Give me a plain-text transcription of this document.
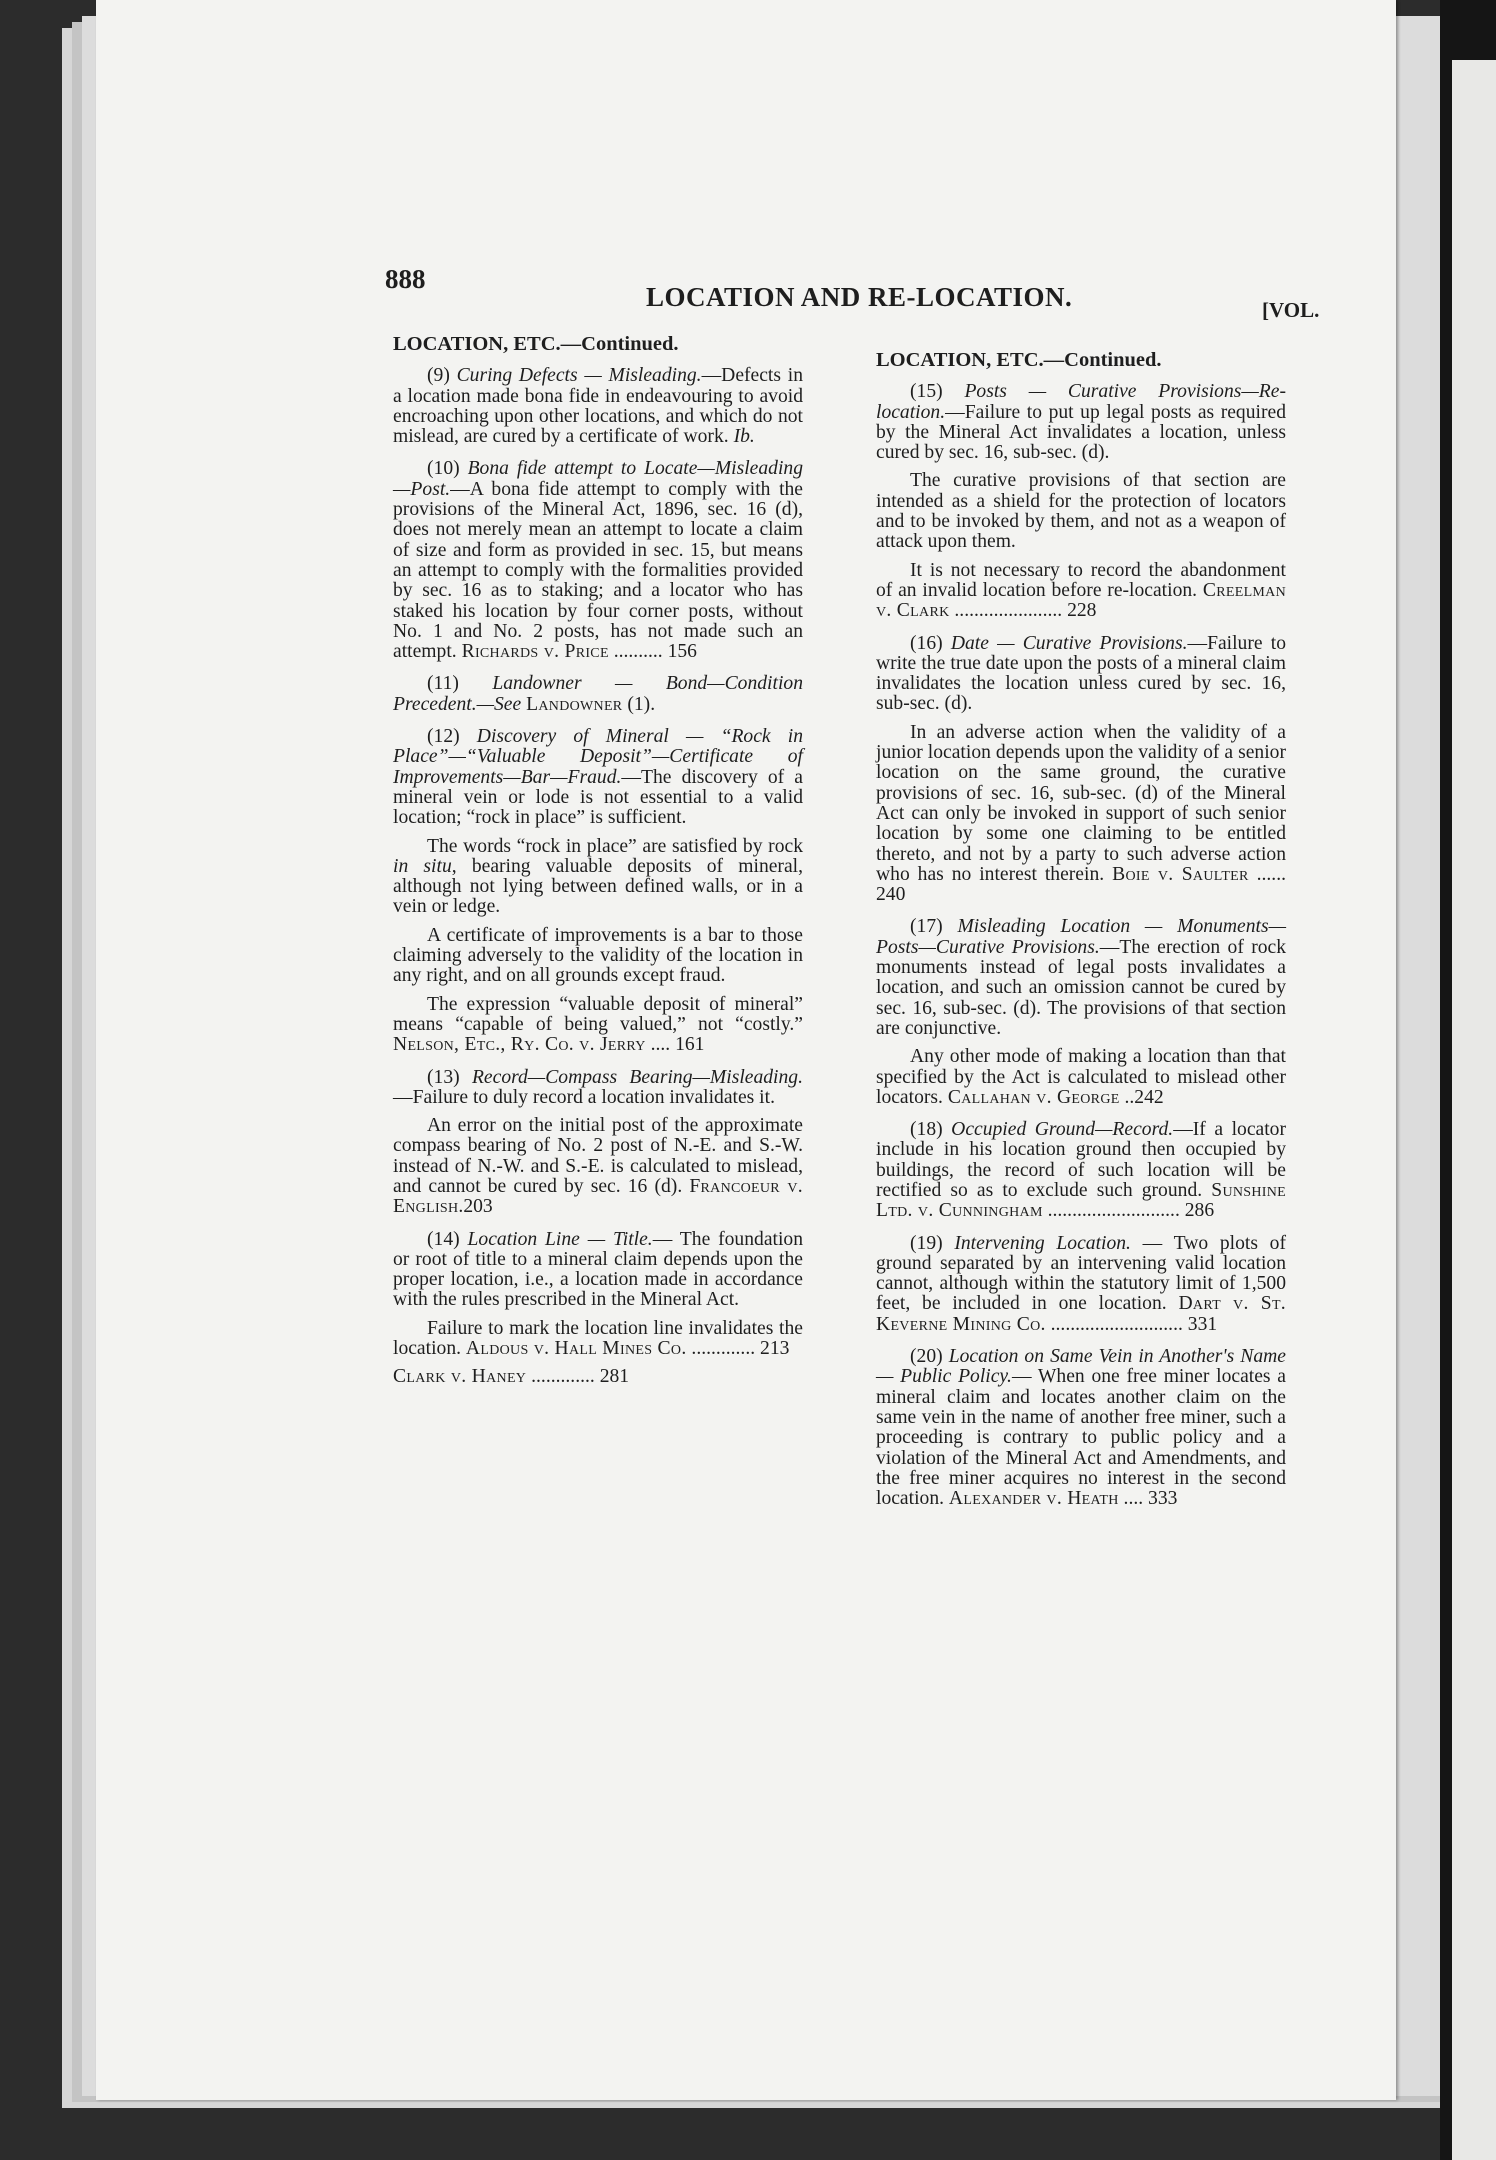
888
LOCATION AND RE-LOCATION.	[VOL.
LOCATION, ETC.—Continued.

(9) Curing Defects — Misleading.—Defects in a location made bona fide in endeavouring to avoid encroaching upon other locations, and which do not mislead, are cured by a certificate of work. Ib.

(10) Bona fide attempt to Locate—Misleading—Post.—A bona fide attempt to comply with the provisions of the Mineral Act, 1896, sec. 16 (d), does not merely mean an attempt to locate a claim of size and form as provided in sec. 15, but means an attempt to comply with the formalities provided by sec. 16 as to staking; and a locator who has staked his location by four corner posts, without No. 1 and No. 2 posts, has not made such an attempt. Richards v. Price .......... 156

(11) Landowner — Bond—Condition Precedent.—See Landowner (1).

(12) Discovery of Mineral — “Rock in Place”—“Valuable Deposit”—Certificate of Improvements—Bar—Fraud.—The discovery of a mineral vein or lode is not essential to a valid location; “rock in place” is sufficient.

The words “rock in place” are satisfied by rock in situ, bearing valuable deposits of mineral, although not lying between defined walls, or in a vein or ledge.

A certificate of improvements is a bar to those claiming adversely to the validity of the location in any right, and on all grounds except fraud.

The expression “valuable deposit of mineral” means “capable of being valued,” not “costly.” Nelson, Etc., Ry. Co. v. Jerry .... 161

(13) Record—Compass Bearing—Misleading.—Failure to duly record a location invalidates it.

An error on the initial post of the approximate compass bearing of No. 2 post of N.-E. and S.-W. instead of N.-W. and S.-E. is calculated to mislead, and cannot be cured by sec. 16 (d). Francoeur v. English.203

(14) Location Line — Title.— The foundation or root of title to a mineral claim depends upon the proper location, i.e., a location made in accordance with the rules prescribed in the Mineral Act.

Failure to mark the location line invalidates the location. Aldous v. Hall Mines Co. ............. 213

Clark v. Haney ............. 281

LOCATION, ETC.—Continued.

(15) Posts — Curative Provisions—Re-location.—Failure to put up legal posts as required by the Mineral Act invalidates a location, unless cured by sec. 16, sub-sec. (d).

The curative provisions of that section are intended as a shield for the protection of locators and to be invoked by them, and not as a weapon of attack upon them.

It is not necessary to record the abandonment of an invalid location before re-location. Creelman v. Clark ...................... 228

(16) Date — Curative Provisions.—Failure to write the true date upon the posts of a mineral claim invalidates the location unless cured by sec. 16, sub-sec. (d).

In an adverse action when the validity of a junior location depends upon the validity of a senior location on the same ground, the curative provisions of sec. 16, sub-sec. (d) of the Mineral Act can only be invoked in support of such senior location by some one claiming to be entitled thereto, and not by a party to such adverse action who has no interest therein. Boie v. Saulter ...... 240

(17) Misleading Location — Monuments—Posts—Curative Provisions.—The erection of rock monuments instead of legal posts invalidates a location, and such an omission cannot be cured by sec. 16, sub-sec. (d). The provisions of that section are conjunctive.

Any other mode of making a location than that specified by the Act is calculated to mislead other locators. Callahan v. George ..242

(18) Occupied Ground—Record.—If a locator include in his location ground then occupied by buildings, the record of such location will be rectified so as to exclude such ground. Sunshine Ltd. v. Cunningham ........................... 286

(19) Intervening Location. — Two plots of ground separated by an intervening valid location cannot, although within the statutory limit of 1,500 feet, be included in one location. Dart v. St. Keverne Mining Co. ........................... 331

(20) Location on Same Vein in Another's Name — Public Policy.— When one free miner locates a mineral claim and locates another claim on the same vein in the name of another free miner, such a proceeding is contrary to public policy and a violation of the Mineral Act and Amendments, and the free miner acquires no interest in the second location. Alexander v. Heath .... 333
